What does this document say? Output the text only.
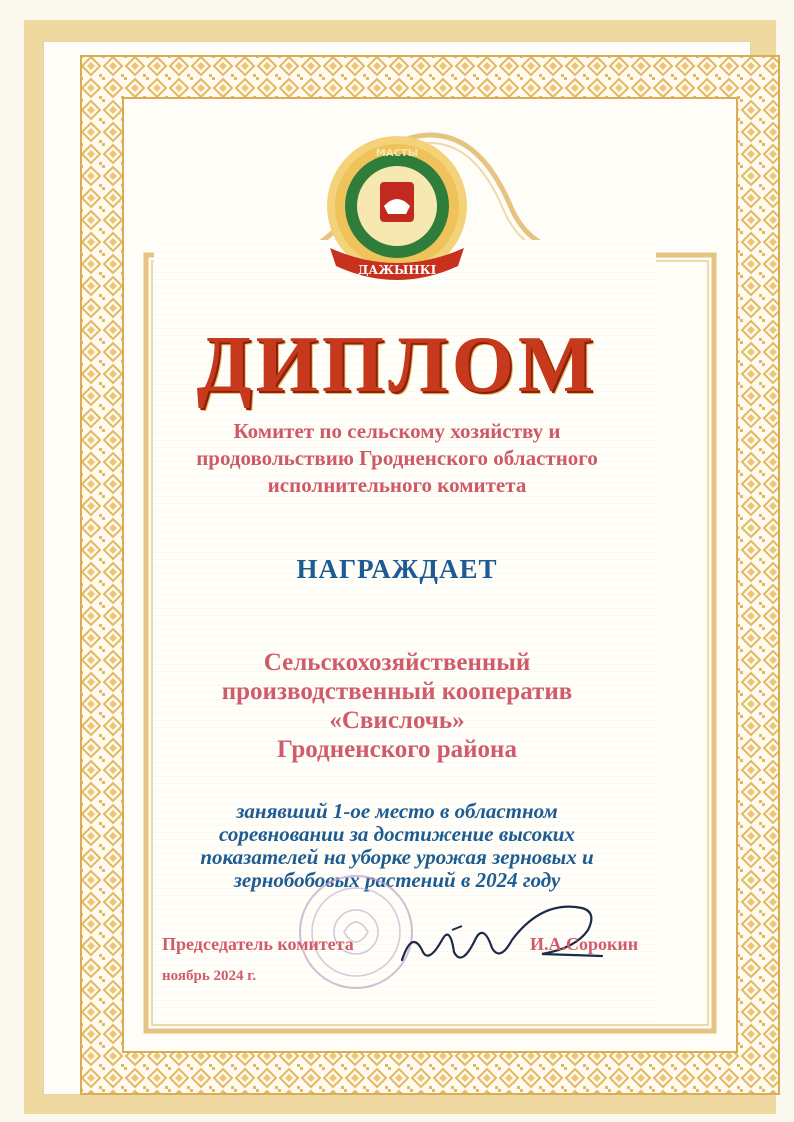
МАСТЫ
ДАЖЫНКІ
ДИПЛОМ
Комитет по сельскому хозяйству и
продовольствию Гродненского областного
исполнительного комитета
НАГРАЖДАЕТ
Сельскохозяйственный
производственный кооператив
«Свислочь»
Гродненского района
занявший 1-ое место в областном
соревновании за достижение высоких
показателей на уборке урожая зерновых и
зернобобовых растений в 2024 году
Председатель комитета	И.А.Сорокин
ноябрь 2024 г.
